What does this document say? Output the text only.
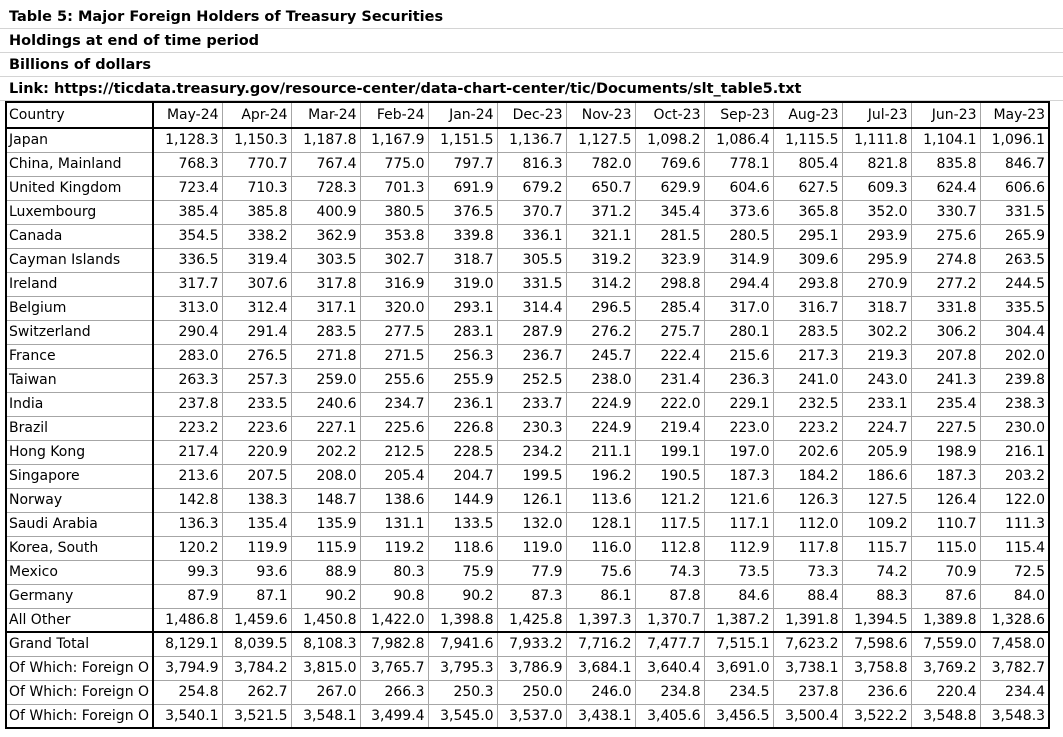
Table 5: Major Foreign Holders of Treasury Securities
Holdings at end of time period
Billions of dollars
Link: https://ticdata.treasury.gov/resource-center/data-chart-center/tic/Documents/slt_table5.txt
Country	May-24	Apr-24	Mar-24	Feb-24	Jan-24	Dec-23	Nov-23	Oct-23	Sep-23	Aug-23	Jul-23	Jun-23	May-23
Japan	1,128.3	1,150.3	1,187.8	1,167.9	1,151.5	1,136.7	1,127.5	1,098.2	1,086.4	1,115.5	1,111.8	1,104.1	1,096.1
China, Mainland	768.3	770.7	767.4	775.0	797.7	816.3	782.0	769.6	778.1	805.4	821.8	835.8	846.7
United Kingdom	723.4	710.3	728.3	701.3	691.9	679.2	650.7	629.9	604.6	627.5	609.3	624.4	606.6
Luxembourg	385.4	385.8	400.9	380.5	376.5	370.7	371.2	345.4	373.6	365.8	352.0	330.7	331.5
Canada	354.5	338.2	362.9	353.8	339.8	336.1	321.1	281.5	280.5	295.1	293.9	275.6	265.9
Cayman Islands	336.5	319.4	303.5	302.7	318.7	305.5	319.2	323.9	314.9	309.6	295.9	274.8	263.5
Ireland	317.7	307.6	317.8	316.9	319.0	331.5	314.2	298.8	294.4	293.8	270.9	277.2	244.5
Belgium	313.0	312.4	317.1	320.0	293.1	314.4	296.5	285.4	317.0	316.7	318.7	331.8	335.5
Switzerland	290.4	291.4	283.5	277.5	283.1	287.9	276.2	275.7	280.1	283.5	302.2	306.2	304.4
France	283.0	276.5	271.8	271.5	256.3	236.7	245.7	222.4	215.6	217.3	219.3	207.8	202.0
Taiwan	263.3	257.3	259.0	255.6	255.9	252.5	238.0	231.4	236.3	241.0	243.0	241.3	239.8
India	237.8	233.5	240.6	234.7	236.1	233.7	224.9	222.0	229.1	232.5	233.1	235.4	238.3
Brazil	223.2	223.6	227.1	225.6	226.8	230.3	224.9	219.4	223.0	223.2	224.7	227.5	230.0
Hong Kong	217.4	220.9	202.2	212.5	228.5	234.2	211.1	199.1	197.0	202.6	205.9	198.9	216.1
Singapore	213.6	207.5	208.0	205.4	204.7	199.5	196.2	190.5	187.3	184.2	186.6	187.3	203.2
Norway	142.8	138.3	148.7	138.6	144.9	126.1	113.6	121.2	121.6	126.3	127.5	126.4	122.0
Saudi Arabia	136.3	135.4	135.9	131.1	133.5	132.0	128.1	117.5	117.1	112.0	109.2	110.7	111.3
Korea, South	120.2	119.9	115.9	119.2	118.6	119.0	116.0	112.8	112.9	117.8	115.7	115.0	115.4
Mexico	99.3	93.6	88.9	80.3	75.9	77.9	75.6	74.3	73.5	73.3	74.2	70.9	72.5
Germany	87.9	87.1	90.2	90.8	90.2	87.3	86.1	87.8	84.6	88.4	88.3	87.6	84.0
All Other	1,486.8	1,459.6	1,450.8	1,422.0	1,398.8	1,425.8	1,397.3	1,370.7	1,387.2	1,391.8	1,394.5	1,389.8	1,328.6
Grand Total	8,129.1	8,039.5	8,108.3	7,982.8	7,941.6	7,933.2	7,716.2	7,477.7	7,515.1	7,623.2	7,598.6	7,559.0	7,458.0
Of Which: Foreign O	3,794.9	3,784.2	3,815.0	3,765.7	3,795.3	3,786.9	3,684.1	3,640.4	3,691.0	3,738.1	3,758.8	3,769.2	3,782.7
Of Which: Foreign O	254.8	262.7	267.0	266.3	250.3	250.0	246.0	234.8	234.5	237.8	236.6	220.4	234.4
Of Which: Foreign O	3,540.1	3,521.5	3,548.1	3,499.4	3,545.0	3,537.0	3,438.1	3,405.6	3,456.5	3,500.4	3,522.2	3,548.8	3,548.3
